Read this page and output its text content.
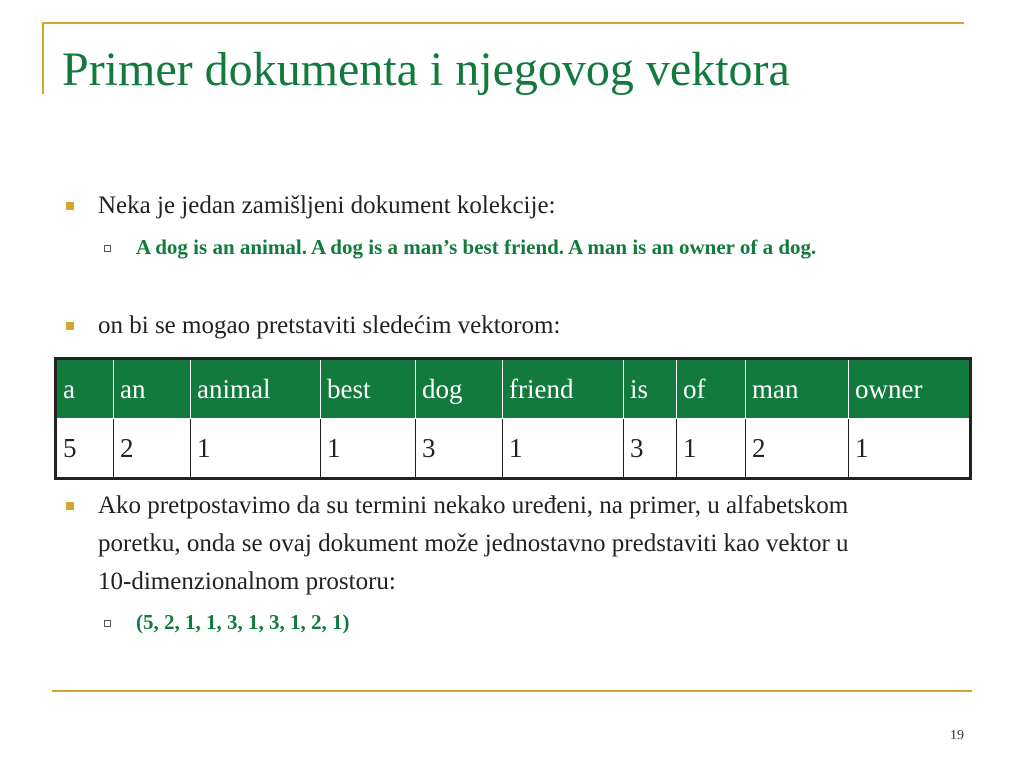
Primer dokumenta i njegovog vektora
Neka je jedan zamišljeni dokument kolekcije:
A dog is an animal. A dog is a man’s best friend. A man is an owner of a dog.
on bi se mogao pretstaviti sledećim vektorom:
a	an	animal	best	dog	friend	is	of	man	owner
5	2	1	1	3	1	3	1	2	1
Ako pretpostavimo da su termini nekako uređeni, na primer, u alfabetskom poretku, onda se ovaj dokument može jednostavno predstaviti kao vektor u 10-dimenzionalnom prostoru:
(5, 2, 1, 1, 3, 1, 3, 1, 2, 1)
19
